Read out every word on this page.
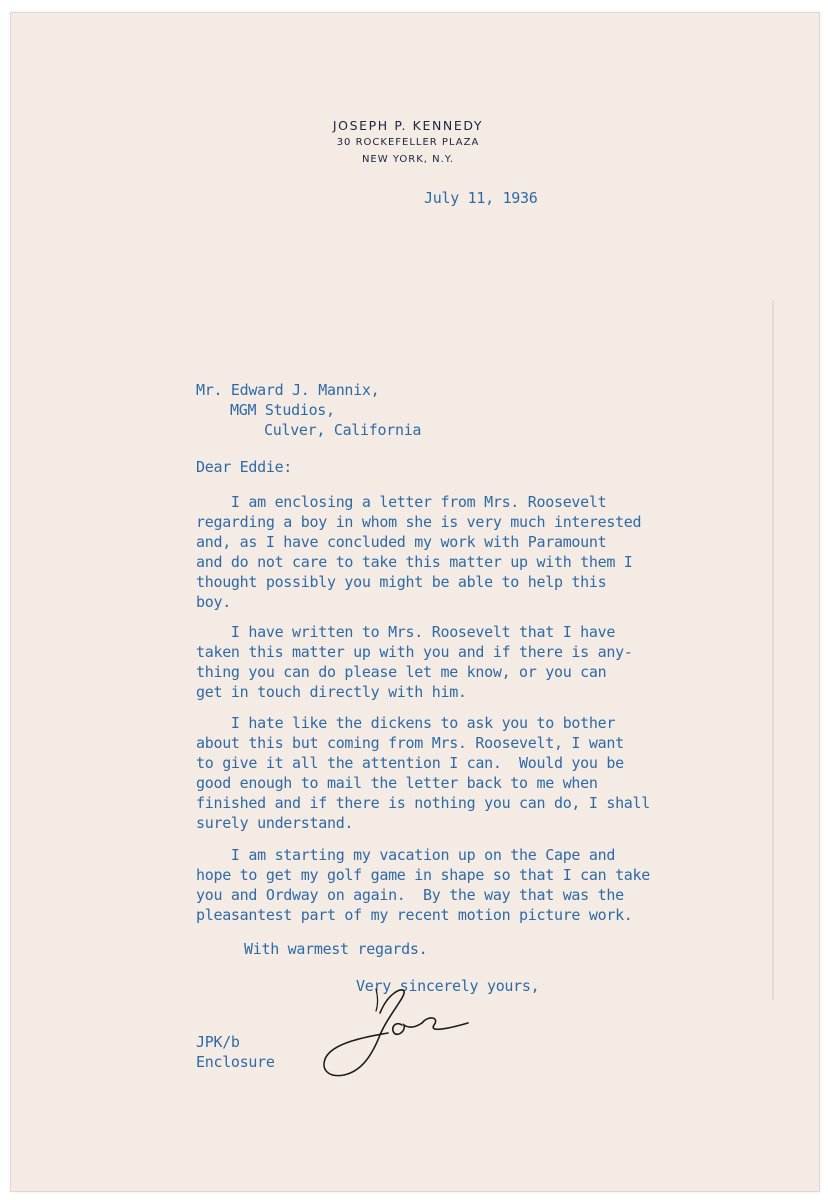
JOSEPH P. KENNEDY
30 ROCKEFELLER PLAZA
NEW YORK, N.Y.
July 11, 1936
Mr. Edward J. Mannix,
MGM Studios,
Culver, California
Dear Eddie:
I am enclosing a letter from Mrs. Roosevelt
regarding a boy in whom she is very much interested
and, as I have concluded my work with Paramount
and do not care to take this matter up with them I
thought possibly you might be able to help this
boy.
I have written to Mrs. Roosevelt that I have
taken this matter up with you and if there is any-
thing you can do please let me know, or you can
get in touch directly with him.
I hate like the dickens to ask you to bother
about this but coming from Mrs. Roosevelt, I want
to give it all the attention I can.  Would you be
good enough to mail the letter back to me when
finished and if there is nothing you can do, I shall
surely understand.
I am starting my vacation up on the Cape and
hope to get my golf game in shape so that I can take
you and Ordway on again.  By the way that was the
pleasantest part of my recent motion picture work.
With warmest regards.
Very sincerely yours,
JPK/b
Enclosure
